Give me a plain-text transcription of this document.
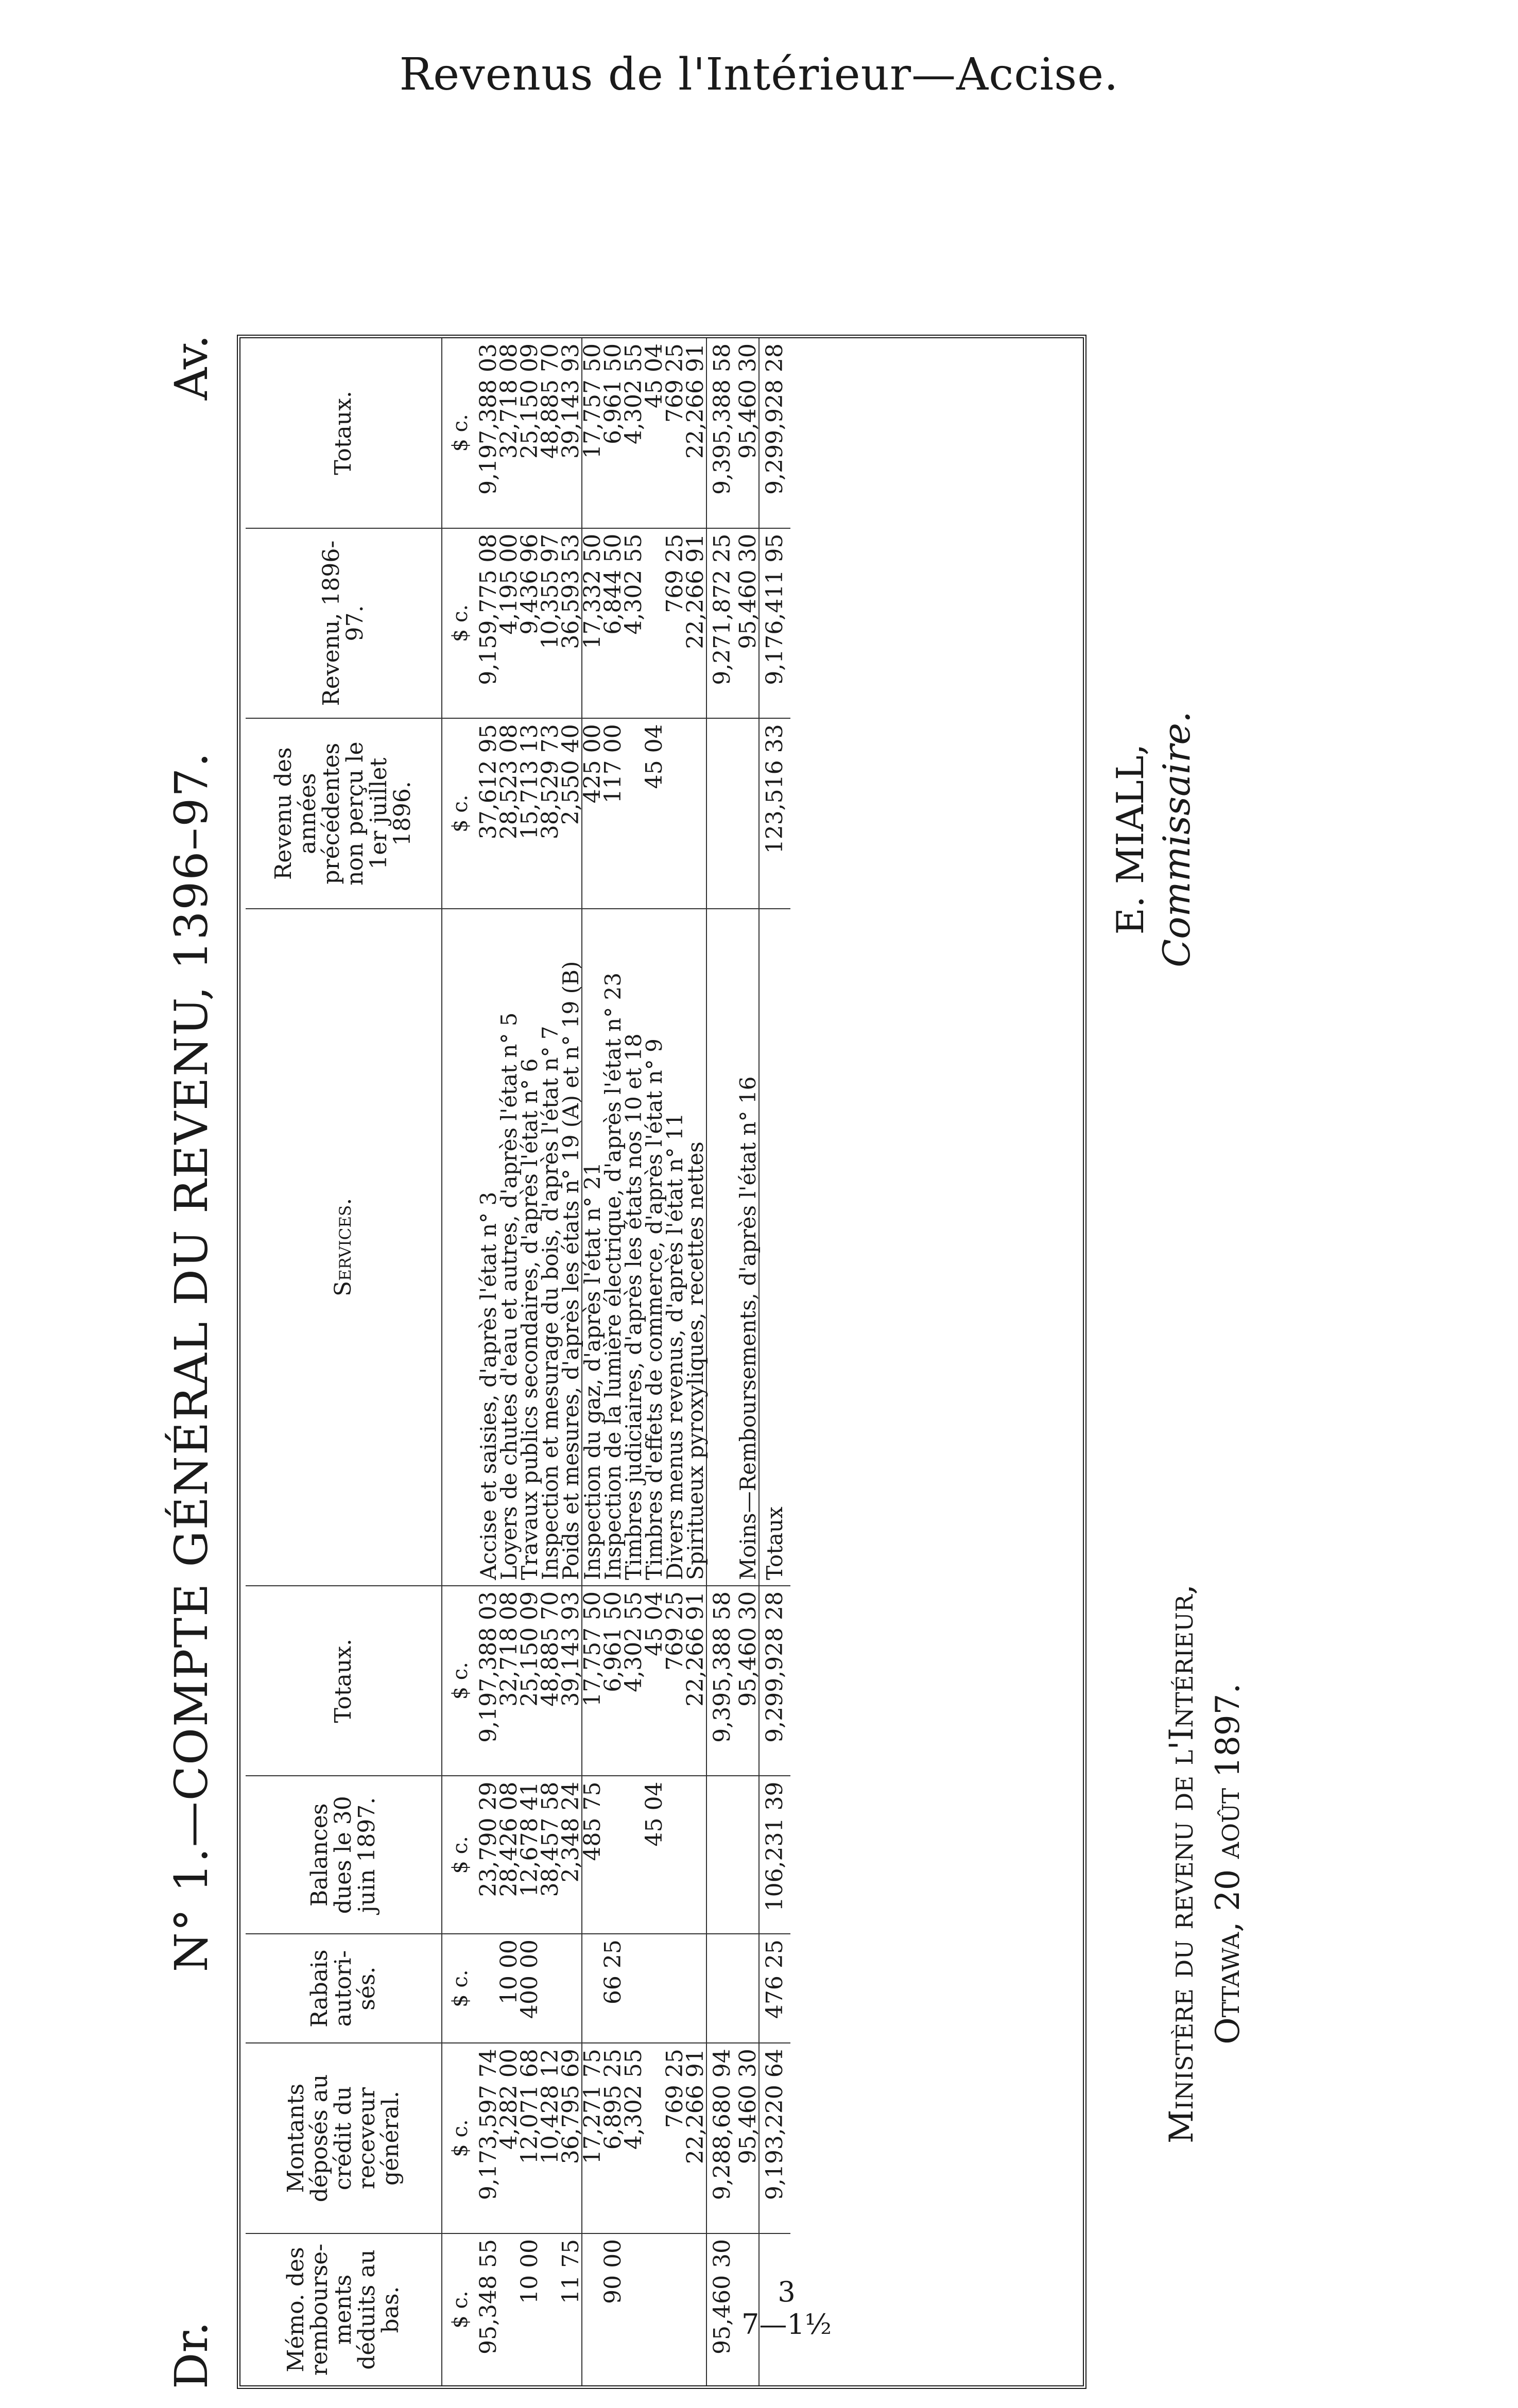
Revenus de l'Intérieur—Accise.
Dr.
N° 1.—COMPTE GÉNÉRAL DU REVENU, 1396–97.
Av.
Mémo. des rembourse-ments déduits au bas.	Montants déposés au crédit du receveur général.	Rabais autori-sés.	Balances dues le 30 juin 1897.	Totaux.	Services.	Revenu des années précédentes non perçu le 1er juillet 1896.	Revenu, 1896-97.	Totaux.
$ c.	$ c.	$ c.	$ c.	$ c.		$ c.	$ c.	$ c.
95,348 55	9,173,597 74		23,790 29	9,197,388 03	Accise et saisies, d'après l'état n° 3	37,612 95	9,159,775 08	9,197,388 03
	4,282 00	10 00	28,426 08	32,718 08	Loyers de chutes d'eau et autres, d'après l'état n° 5	28,523 08	4,195 00	32,718 08
10 00	12,071 68	400 00	12,678 41	25,150 09	Travaux publics secondaires, d'après l'état n° 6	15,713 13	9,436 96	25,150 09
	10,428 12		38,457 58	48,885 70	Inspection et mesurage du bois, d'après l'état n° 7	38,529 73	10,355 97	48,885 70
11 75	36,795 69		2,348 24	39,143 93	Poids et mesures, d'après les états n° 19 (A) et n° 19 (B)	2,550 40	36,593 53	39,143 93
	17,271 75		485 75	17,757 50	Inspection du gaz, d'après l'état n° 21	425 00	17,332 50	17,757 50
90 00	6,895 25	66 25		6,961 50	Inspection de la lumière électrique, d'après l'état n° 23	117 00	6,844 50	6,961 50
	4,302 55			4,302 55	Timbres judiciaires, d'après les états nos 10 et 18		4,302 55	4,302 55
			45 04	45 04	Timbres d'effets de commerce, d'après l'état n° 9	45 04		45 04
	769 25			769 25	Divers menus revenus, d'après l'état n° 11		769 25	769 25
	22,266 91			22,266 91	Spiritueux pyroxyliques, recettes nettes		22,266 91	22,266 91
95,460 30	9,288,680 94			9,395,388 58			9,271,872 25	9,395,388 58
	95,460 30			95,460 30	Moins—Remboursements, d'après l'état n° 16		95,460 30	95,460 30
	9,193,220 64	476 25	106,231 39	9,299,928 28	Totaux	123,516 33	9,176,411 95	9,299,928 28
Ministère du revenu de l'Intérieur, Ottawa, 20 août 1897.
E. MIALL, Commissaire.
3
7—1½
